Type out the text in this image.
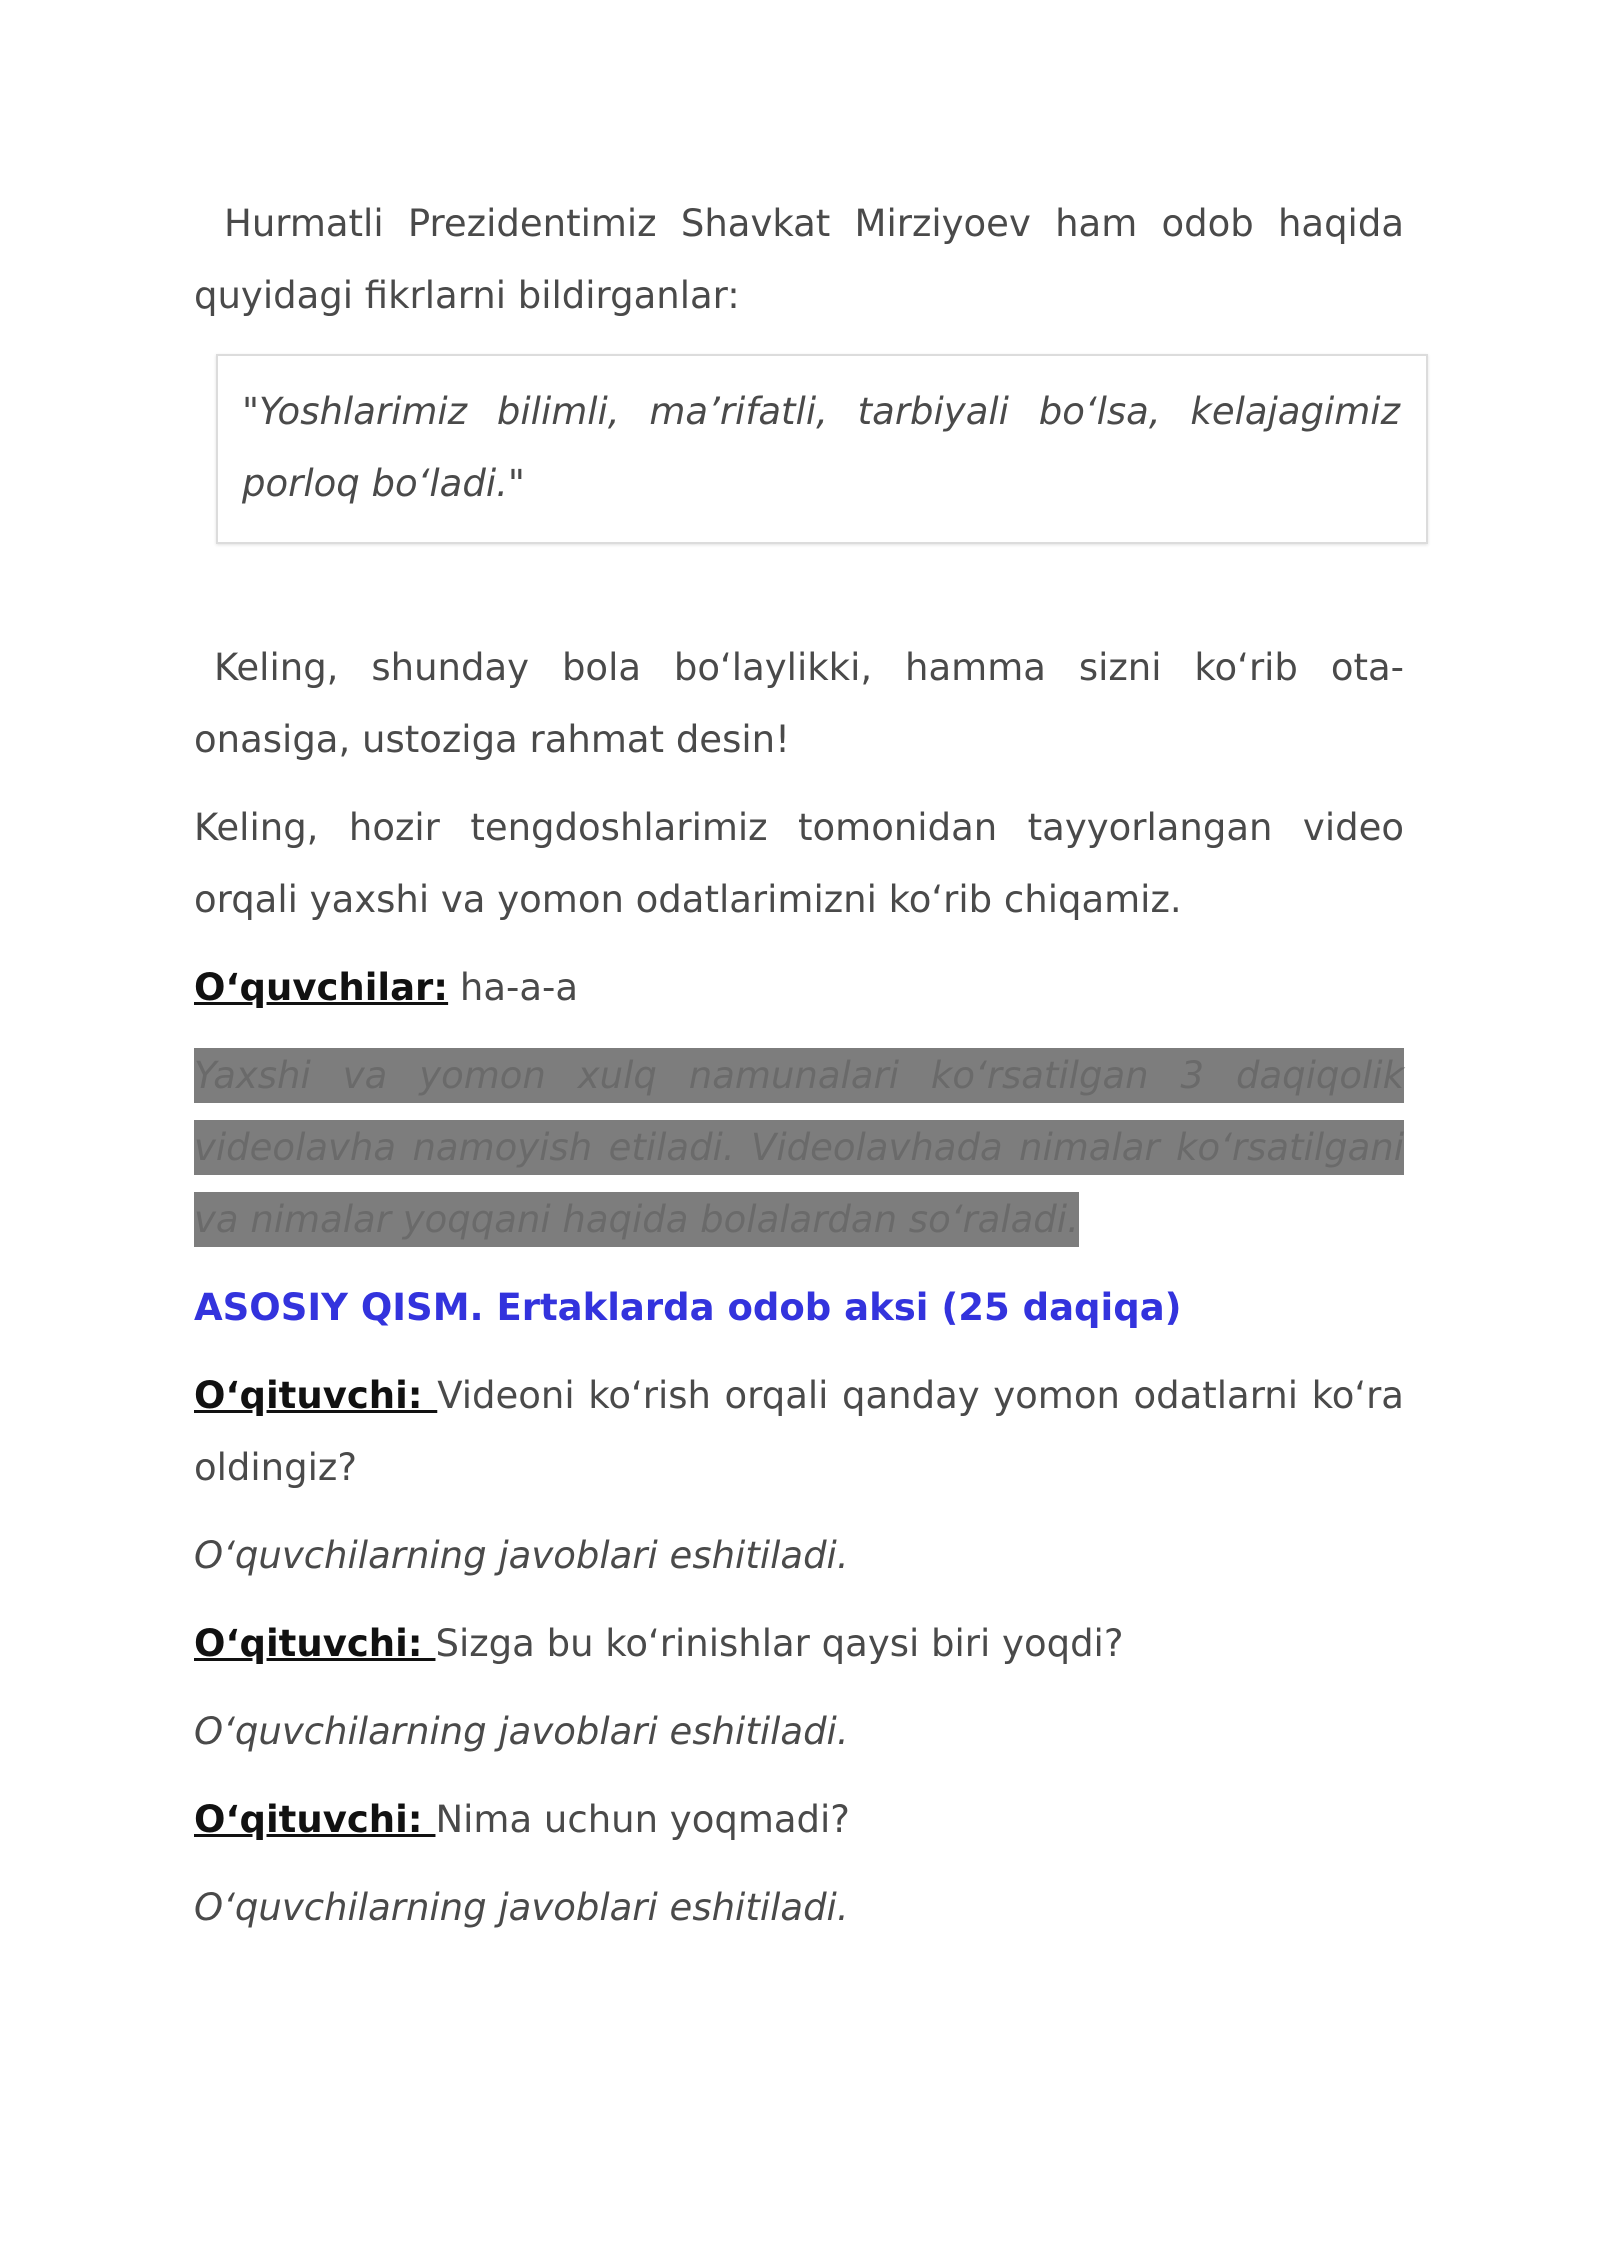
Hurmatli Prezidentimiz Shavkat Mirziyoev ham odob haqida quyidagi fikrlarni bildirganlar:

"Yoshlarimiz bilimli, ma’rifatli, tarbiyali bo‘lsa, kelajagimiz porloq bo‘ladi."

Keling, shunday bola bo‘laylikki, hamma sizni ko‘rib ota-onasiga, ustoziga rahmat desin!

Keling, hozir tengdoshlarimiz tomonidan tayyorlangan video orqali yaxshi va yomon odatlarimizni ko‘rib chiqamiz.

O‘quvchilar: ha-a-a

Yaxshi va yomon xulq namunalari ko‘rsatilgan 3 daqiqolik videolavha namoyish etiladi. Videolavhada nimalar ko‘rsatilgani va nimalar yoqqani haqida bolalardan so‘raladi.

ASOSIY QISM. Ertaklarda odob aksi (25 daqiqa)

O‘qituvchi: Videoni ko‘rish orqali qanday yomon odatlarni ko‘ra oldingiz?

O‘quvchilarning javoblari eshitiladi.

O‘qituvchi: Sizga bu ko‘rinishlar qaysi biri yoqdi?

O‘quvchilarning javoblari eshitiladi.

O‘qituvchi: Nima uchun yoqmadi?

O‘quvchilarning javoblari eshitiladi.
